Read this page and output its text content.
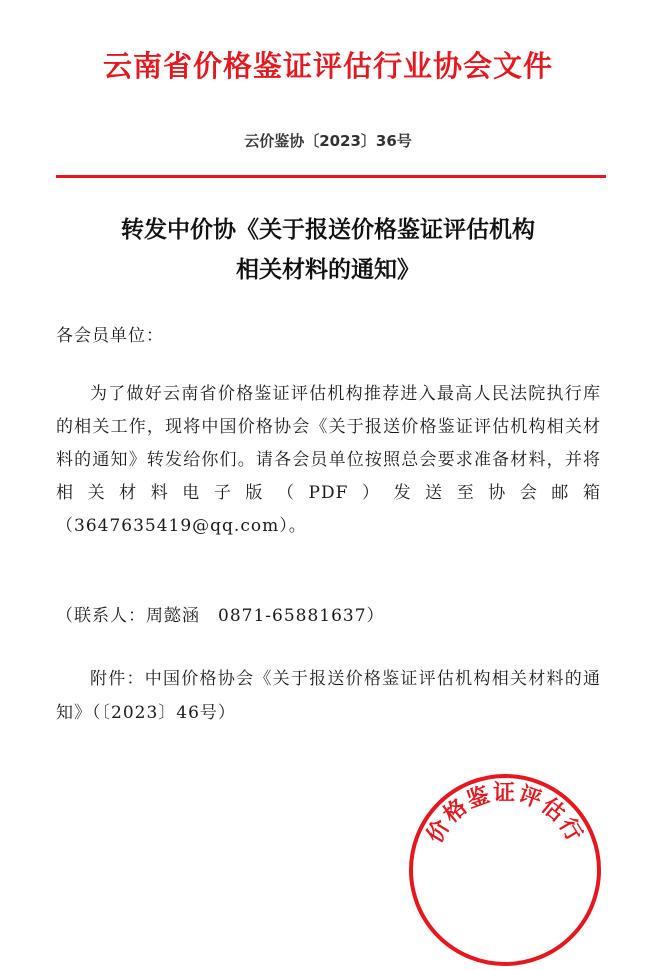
云南省价格鉴证评估行业协会文件
云价鉴协〔2023〕36号
转发中价协《关于报送价格鉴证评估机构
相关材料的通知》
各会员单位：
为了做好云南省价格鉴证评估机构推荐进入最高人民法院执行库的相关工作，现将中国价格协会《关于报送价格鉴证评估机构相关材料的通知》转发给你们。请各会员单位按照总会要求准备材料，并将相关材料电子版（PDF）发送至协会邮箱（3647635419@qq.com）。
（联系人：周懿涵　0871-65881637）
附件：中国价格协会《关于报送价格鉴证评估机构相关材料的通知》（〔2023〕46号）
价格鉴证评估行
